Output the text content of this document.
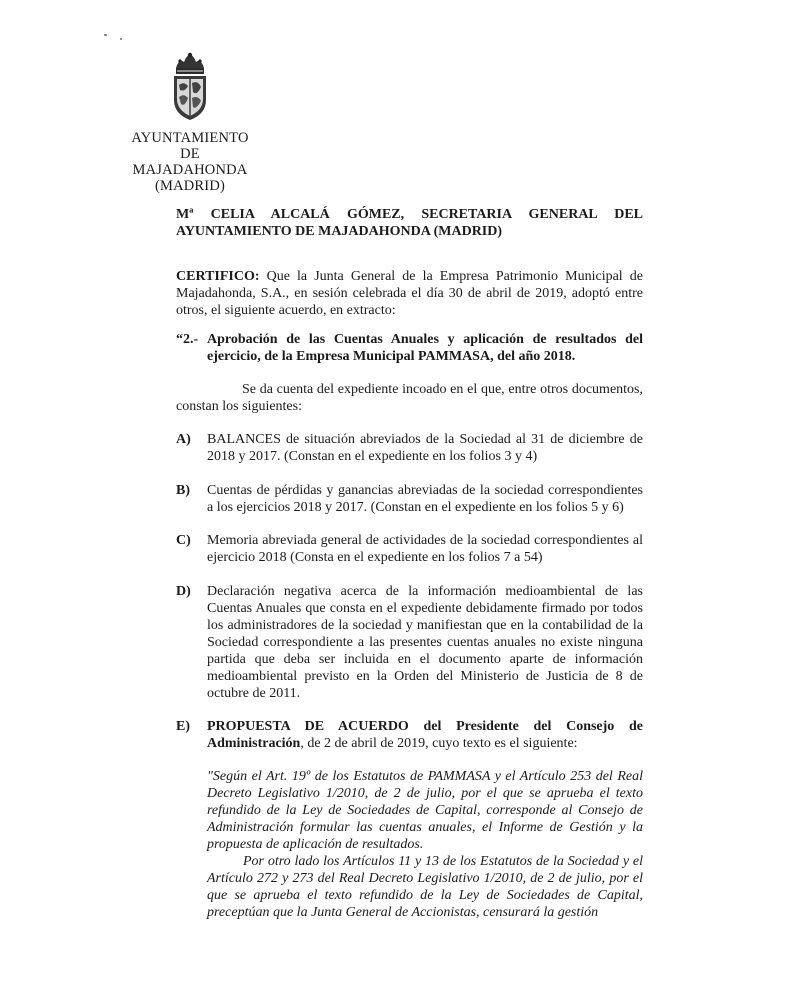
AYUNTAMIENTO DE
MAJADAHONDA
(MADRID)
Mª CELIA ALCALÁ GÓMEZ, SECRETARIA GENERAL DEL
AYUNTAMIENTO DE MAJADAHONDA (MADRID)
CERTIFICO: Que la Junta General de la Empresa Patrimonio Municipal de Majadahonda, S.A., en sesión celebrada el día 30 de abril de 2019, adoptó entre otros, el siguiente acuerdo, en extracto:
“2.- Aprobación de las Cuentas Anuales y aplicación de resultados del ejercicio, de la Empresa Municipal PAMMASA, del año 2018.
Se da cuenta del expediente incoado en el que, entre otros documentos, constan los siguientes:
A) BALANCES de situación abreviados de la Sociedad al 31 de diciembre de 2018 y 2017. (Constan en el expediente en los folios 3 y 4)
B) Cuentas de pérdidas y ganancias abreviadas de la sociedad correspondientes a los ejercicios 2018 y 2017. (Constan en el expediente en los folios 5 y 6)
C) Memoria abreviada general de actividades de la sociedad correspondientes al ejercicio 2018 (Consta en el expediente en los folios 7 a 54)
D) Declaración negativa acerca de la información medioambiental de las Cuentas Anuales que consta en el expediente debidamente firmado por todos los administradores de la sociedad y manifiestan que en la contabilidad de la Sociedad correspondiente a las presentes cuentas anuales no existe ninguna partida que deba ser incluida en el documento aparte de información medioambiental previsto en la Orden del Ministerio de Justicia de 8 de octubre de 2011.
E) PROPUESTA DE ACUERDO del Presidente del Consejo de Administración, de 2 de abril de 2019, cuyo texto es el siguiente:
"Según el Art. 19º de los Estatutos de PAMMASA y el Artículo 253 del Real Decreto Legislativo 1/2010, de 2 de julio, por el que se aprueba el texto refundido de la Ley de Sociedades de Capital, corresponde al Consejo de Administración formular las cuentas anuales, el Informe de Gestión y la propuesta de aplicación de resultados.
Por otro lado los Artículos 11 y 13 de los Estatutos de la Sociedad y el Artículo 272 y 273 del Real Decreto Legislativo 1/2010, de 2 de julio, por el que se aprueba el texto refundido de la Ley de Sociedades de Capital, preceptúan que la Junta General de Accionistas, censurará la gestión
